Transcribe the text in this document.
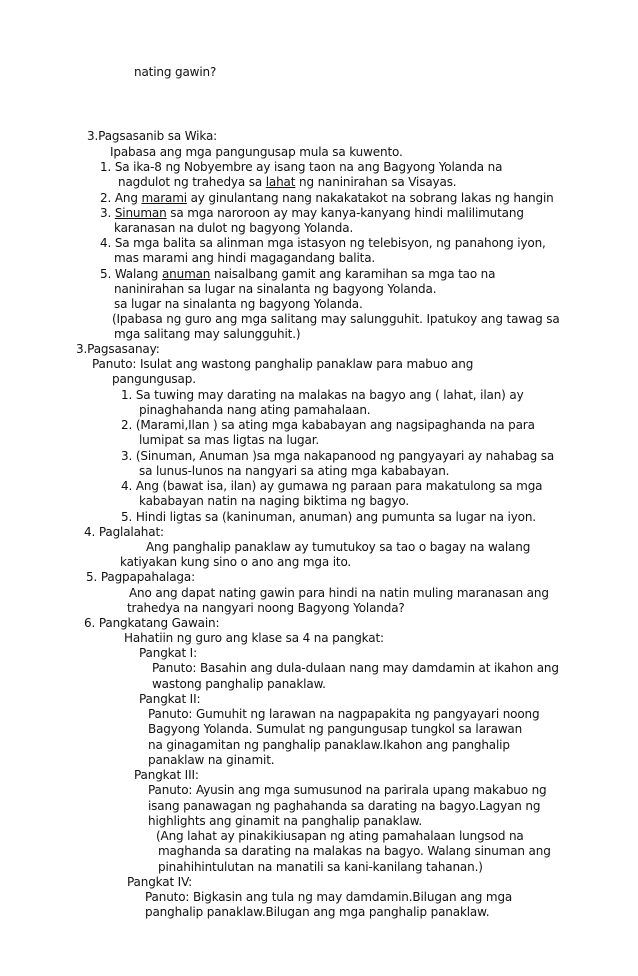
nating gawin?

3.Pagsasanib sa Wika:

Ipabasa ang mga pangungusap mula sa kuwento.

1. Sa ika-8 ng Nobyembre ay isang taon na ang Bagyong Yolanda na

nagdulot ng trahedya sa lahat ng naninirahan sa Visayas.

2. Ang marami ay ginulantang nang nakakatakot na sobrang lakas ng hangin

3. Sinuman sa mga naroroon ay may kanya-kanyang hindi malilimutang

karanasan na dulot ng bagyong Yolanda.

4. Sa mga balita sa alinman mga istasyon ng telebisyon, ng panahong iyon,

mas marami ang hindi magagandang balita.

5. Walang anuman naisalbang gamit ang karamihan sa mga tao na

naninirahan sa lugar na sinalanta ng bagyong Yolanda.

sa lugar na sinalanta ng bagyong Yolanda.

(Ipabasa ng guro ang mga salitang may salungguhit. Ipatukoy ang tawag sa

mga salitang may salungguhit.)

3.Pagsasanay:

Panuto: Isulat ang wastong panghalip panaklaw para mabuo ang

pangungusap.

1. Sa tuwing may darating na malakas na bagyo ang ( lahat, ilan) ay

pinaghahanda nang ating pamahalaan.

2. (Marami,Ilan ) sa ating mga kababayan ang nagsipaghanda na para

lumipat sa mas ligtas na lugar.

3. (Sinuman, Anuman )sa mga nakapanood ng pangyayari ay nahabag sa

sa lunus-lunos na nangyari sa ating mga kababayan.

4. Ang (bawat isa, ilan) ay gumawa ng paraan para makatulong sa mga

kababayan natin na naging biktima ng bagyo.

5. Hindi ligtas sa (kaninuman, anuman) ang pumunta sa lugar na iyon.

4. Paglalahat:

Ang panghalip panaklaw ay tumutukoy sa tao o bagay na walang

katiyakan kung sino o ano ang mga ito.

5. Pagpapahalaga:

Ano ang dapat nating gawin para hindi na natin muling maranasan ang

trahedya na nangyari noong Bagyong Yolanda?

6. Pangkatang Gawain:

Hahatiin ng guro ang klase sa 4 na pangkat:

Pangkat I:

Panuto: Basahin ang dula-dulaan nang may damdamin at ikahon ang

wastong panghalip panaklaw.

Pangkat II:

Panuto: Gumuhit ng larawan na nagpapakita ng pangyayari noong

Bagyong Yolanda. Sumulat ng pangungusap tungkol sa larawan

na ginagamitan ng panghalip panaklaw.Ikahon ang panghalip

panaklaw na ginamit.

Pangkat III:

Panuto: Ayusin ang mga sumusunod na parirala upang makabuo ng

isang panawagan ng paghahanda sa darating na bagyo.Lagyan ng

highlights ang ginamit na panghalip panaklaw.

(Ang lahat ay pinakikiusapan ng ating pamahalaan lungsod na

maghanda sa darating na malakas na bagyo. Walang sinuman ang

pinahihintulutan na manatili sa kani-kanilang tahanan.)

Pangkat IV:

Panuto: Bigkasin ang tula ng may damdamin.Bilugan ang mga

panghalip panaklaw.Bilugan ang mga panghalip panaklaw.
